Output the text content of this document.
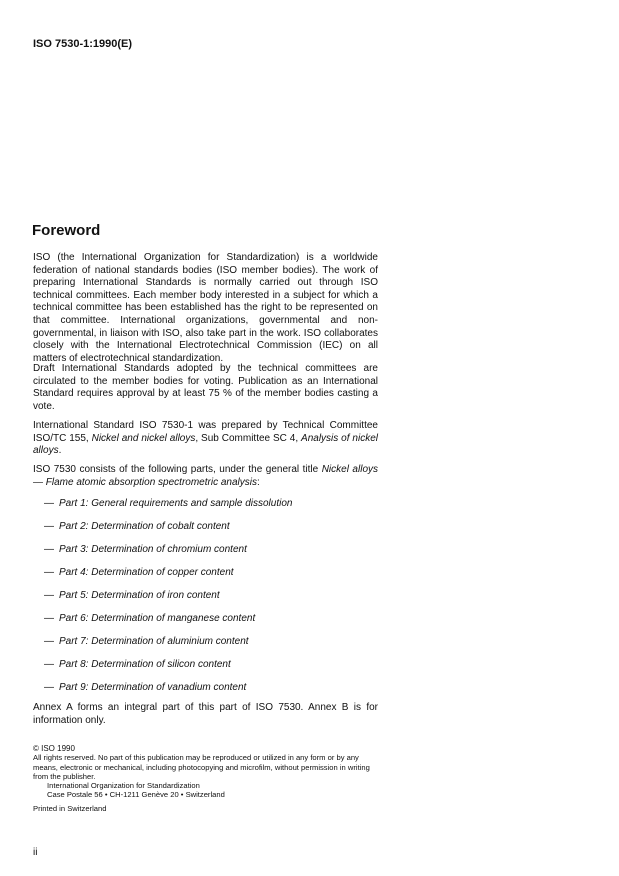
ISO 7530-1:1990(E)
Foreword
ISO (the International Organization for Standardization) is a worldwide federation of national standards bodies (ISO member bodies). The work of preparing International Standards is normally carried out through ISO technical committees. Each member body interested in a subject for which a technical committee has been established has the right to be represented on that committee. International organizations, governmental and non-governmental, in liaison with ISO, also take part in the work. ISO collaborates closely with the International Electrotechnical Commission (IEC) on all matters of electrotechnical standardization.
Draft International Standards adopted by the technical committees are circulated to the member bodies for voting. Publication as an International Standard requires approval by at least 75 % of the member bodies casting a vote.
International Standard ISO 7530-1 was prepared by Technical Committee ISO/TC 155, Nickel and nickel alloys, Sub Committee SC 4, Analysis of nickel alloys.
ISO 7530 consists of the following parts, under the general title Nickel alloys — Flame atomic absorption spectrometric analysis:
— Part 1: General requirements and sample dissolution
— Part 2: Determination of cobalt content
— Part 3: Determination of chromium content
— Part 4: Determination of copper content
— Part 5: Determination of iron content
— Part 6: Determination of manganese content
— Part 7: Determination of aluminium content
— Part 8: Determination of silicon content
— Part 9: Determination of vanadium content
Annex A forms an integral part of this part of ISO 7530. Annex B is for information only.
© ISO 1990
All rights reserved. No part of this publication may be reproduced or utilized in any form or by any means, electronic or mechanical, including photocopying and microfilm, without permission in writing from the publisher.
International Organization for Standardization
Case Postale 56 • CH-1211 Genève 20 • Switzerland
Printed in Switzerland
ii
